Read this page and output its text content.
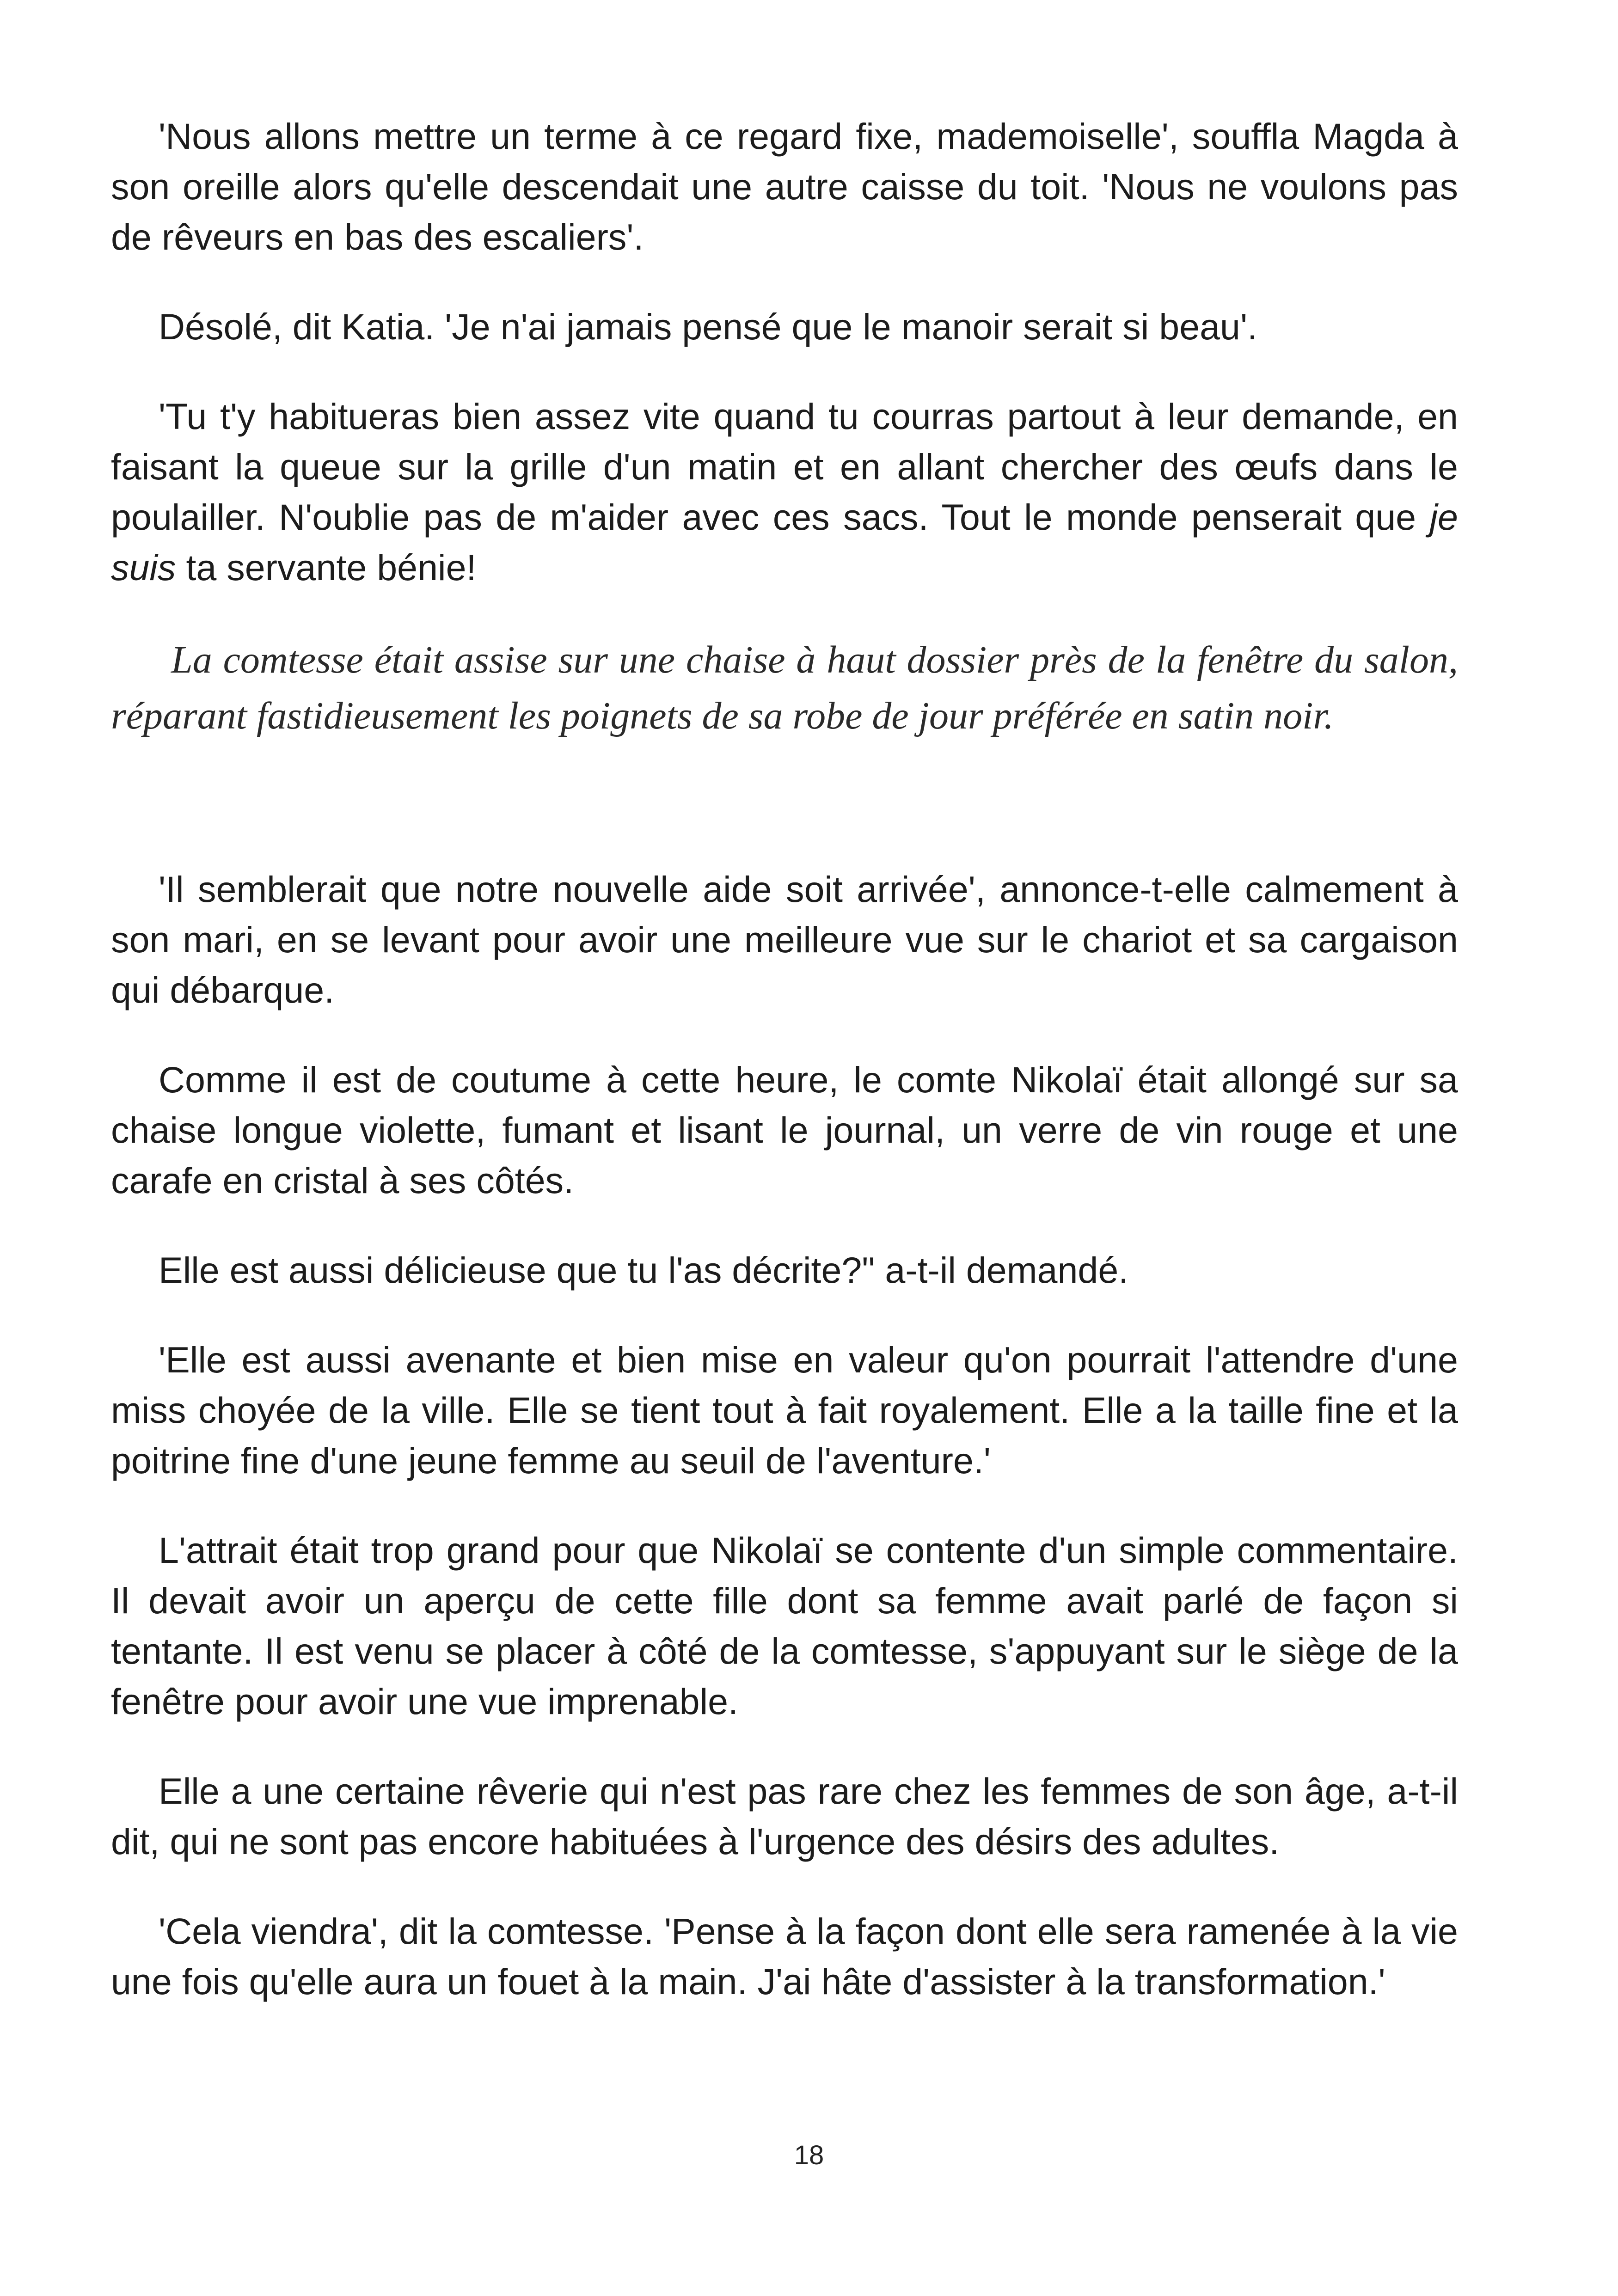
'Nous allons mettre un terme à ce regard fixe, mademoiselle', souffla Magda à son oreille alors qu'elle descendait une autre caisse du toit. 'Nous ne voulons pas de rêveurs en bas des escaliers'.

Désolé, dit Katia. 'Je n'ai jamais pensé que le manoir serait si beau'.

'Tu t'y habitueras bien assez vite quand tu courras partout à leur demande, en faisant la queue sur la grille d'un matin et en allant chercher des œufs dans le poulailler. N'oublie pas de m'aider avec ces sacs. Tout le monde penserait que je suis ta servante bénie!

La comtesse était assise sur une chaise à haut dossier près de la fenêtre du salon, réparant fastidieusement les poignets de sa robe de jour préférée en satin noir.

'Il semblerait que notre nouvelle aide soit arrivée', annonce-t-elle calmement à son mari, en se levant pour avoir une meilleure vue sur le chariot et sa cargaison qui débarque.

Comme il est de coutume à cette heure, le comte Nikolaï était allongé sur sa chaise longue violette, fumant et lisant le journal, un verre de vin rouge et une carafe en cristal à ses côtés.

Elle est aussi délicieuse que tu l'as décrite?" a-t-il demandé.

'Elle est aussi avenante et bien mise en valeur qu'on pourrait l'attendre d'une miss choyée de la ville. Elle se tient tout à fait royalement. Elle a la taille fine et la poitrine fine d'une jeune femme au seuil de l'aventure.'

L'attrait était trop grand pour que Nikolaï se contente d'un simple commentaire. Il devait avoir un aperçu de cette fille dont sa femme avait parlé de façon si tentante. Il est venu se placer à côté de la comtesse, s'appuyant sur le siège de la fenêtre pour avoir une vue imprenable.

Elle a une certaine rêverie qui n'est pas rare chez les femmes de son âge, a-t-il dit, qui ne sont pas encore habituées à l'urgence des désirs des adultes.

'Cela viendra', dit la comtesse. 'Pense à la façon dont elle sera ramenée à la vie une fois qu'elle aura un fouet à la main. J'ai hâte d'assister à la transformation.'

18
